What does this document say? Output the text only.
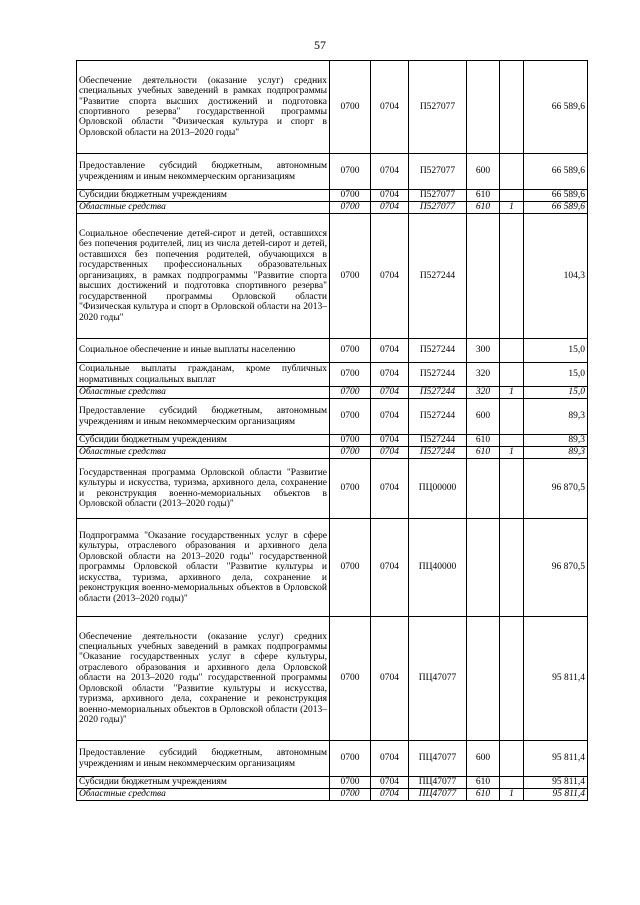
57
Обеспечение деятельности (оказание услуг) средних специальных учебных заведений в рамках подпрограммы "Развитие спорта высших достижений и подготовка спортивного резерва" государственной программы Орловской области "Физическая культура и спорт в Орловской области на 2013–2020 годы"	0700	0704	П527077			66 589,6
Предоставление субсидий бюджетным, автономным учреждениям и иным некоммерческим организациям	0700	0704	П527077	600		66 589,6
Субсидии бюджетным учреждениям	0700	0704	П527077	610		66 589,6
Областные средства	0700	0704	П527077	610	1	66 589,6
Социальное обеспечение детей-сирот и детей, оставшихся без попечения родителей, лиц из числа детей-сирот и детей, оставшихся без попечения родителей, обучающихся в государственных профессиональных образовательных организациях, в рамках подпрограммы "Развитие спорта высших достижений и подготовка спортивного резерва" государственной программы Орловской области "Физическая культура и спорт в Орловской области на 2013–2020 годы"	0700	0704	П527244			104,3
Социальное обеспечение и иные выплаты населению	0700	0704	П527244	300		15,0
Социальные выплаты гражданам, кроме публичных нормативных социальных выплат	0700	0704	П527244	320		15,0
Областные средства	0700	0704	П527244	320	1	15,0
Предоставление субсидий бюджетным, автономным учреждениям и иным некоммерческим организациям	0700	0704	П527244	600		89,3
Субсидии бюджетным учреждениям	0700	0704	П527244	610		89,3
Областные средства	0700	0704	П527244	610	1	89,3
Государственная программа Орловской области "Развитие культуры и искусства, туризма, архивного дела, сохранение и реконструкция военно-мемориальных объектов в Орловской области (2013–2020 годы)"	0700	0704	ПЦ00000			96 870,5
Подпрограмма "Оказание государственных услуг в сфере культуры, отраслевого образования и архивного дела Орловской области на 2013–2020 годы" государственной программы Орловской области "Развитие культуры и искусства, туризма, архивного дела, сохранение и реконструкция военно-мемориальных объектов в Орловской области (2013–2020 годы)"	0700	0704	ПЦ40000			96 870,5
Обеспечение деятельности (оказание услуг) средних специальных учебных заведений в рамках подпрограммы "Оказание государственных услуг в сфере культуры, отраслевого образования и архивного дела Орловской области на 2013–2020 годы" государственной программы Орловской области "Развитие культуры и искусства, туризма, архивного дела, сохранение и реконструкция военно-мемориальных объектов в Орловской области (2013–2020 годы)"	0700	0704	ПЦ47077			95 811,4
Предоставление субсидий бюджетным, автономным учреждениям и иным некоммерческим организациям	0700	0704	ПЦ47077	600		95 811,4
Субсидии бюджетным учреждениям	0700	0704	ПЦ47077	610		95 811,4
Областные средства	0700	0704	ПЦ47077	610	1	95 811,4
